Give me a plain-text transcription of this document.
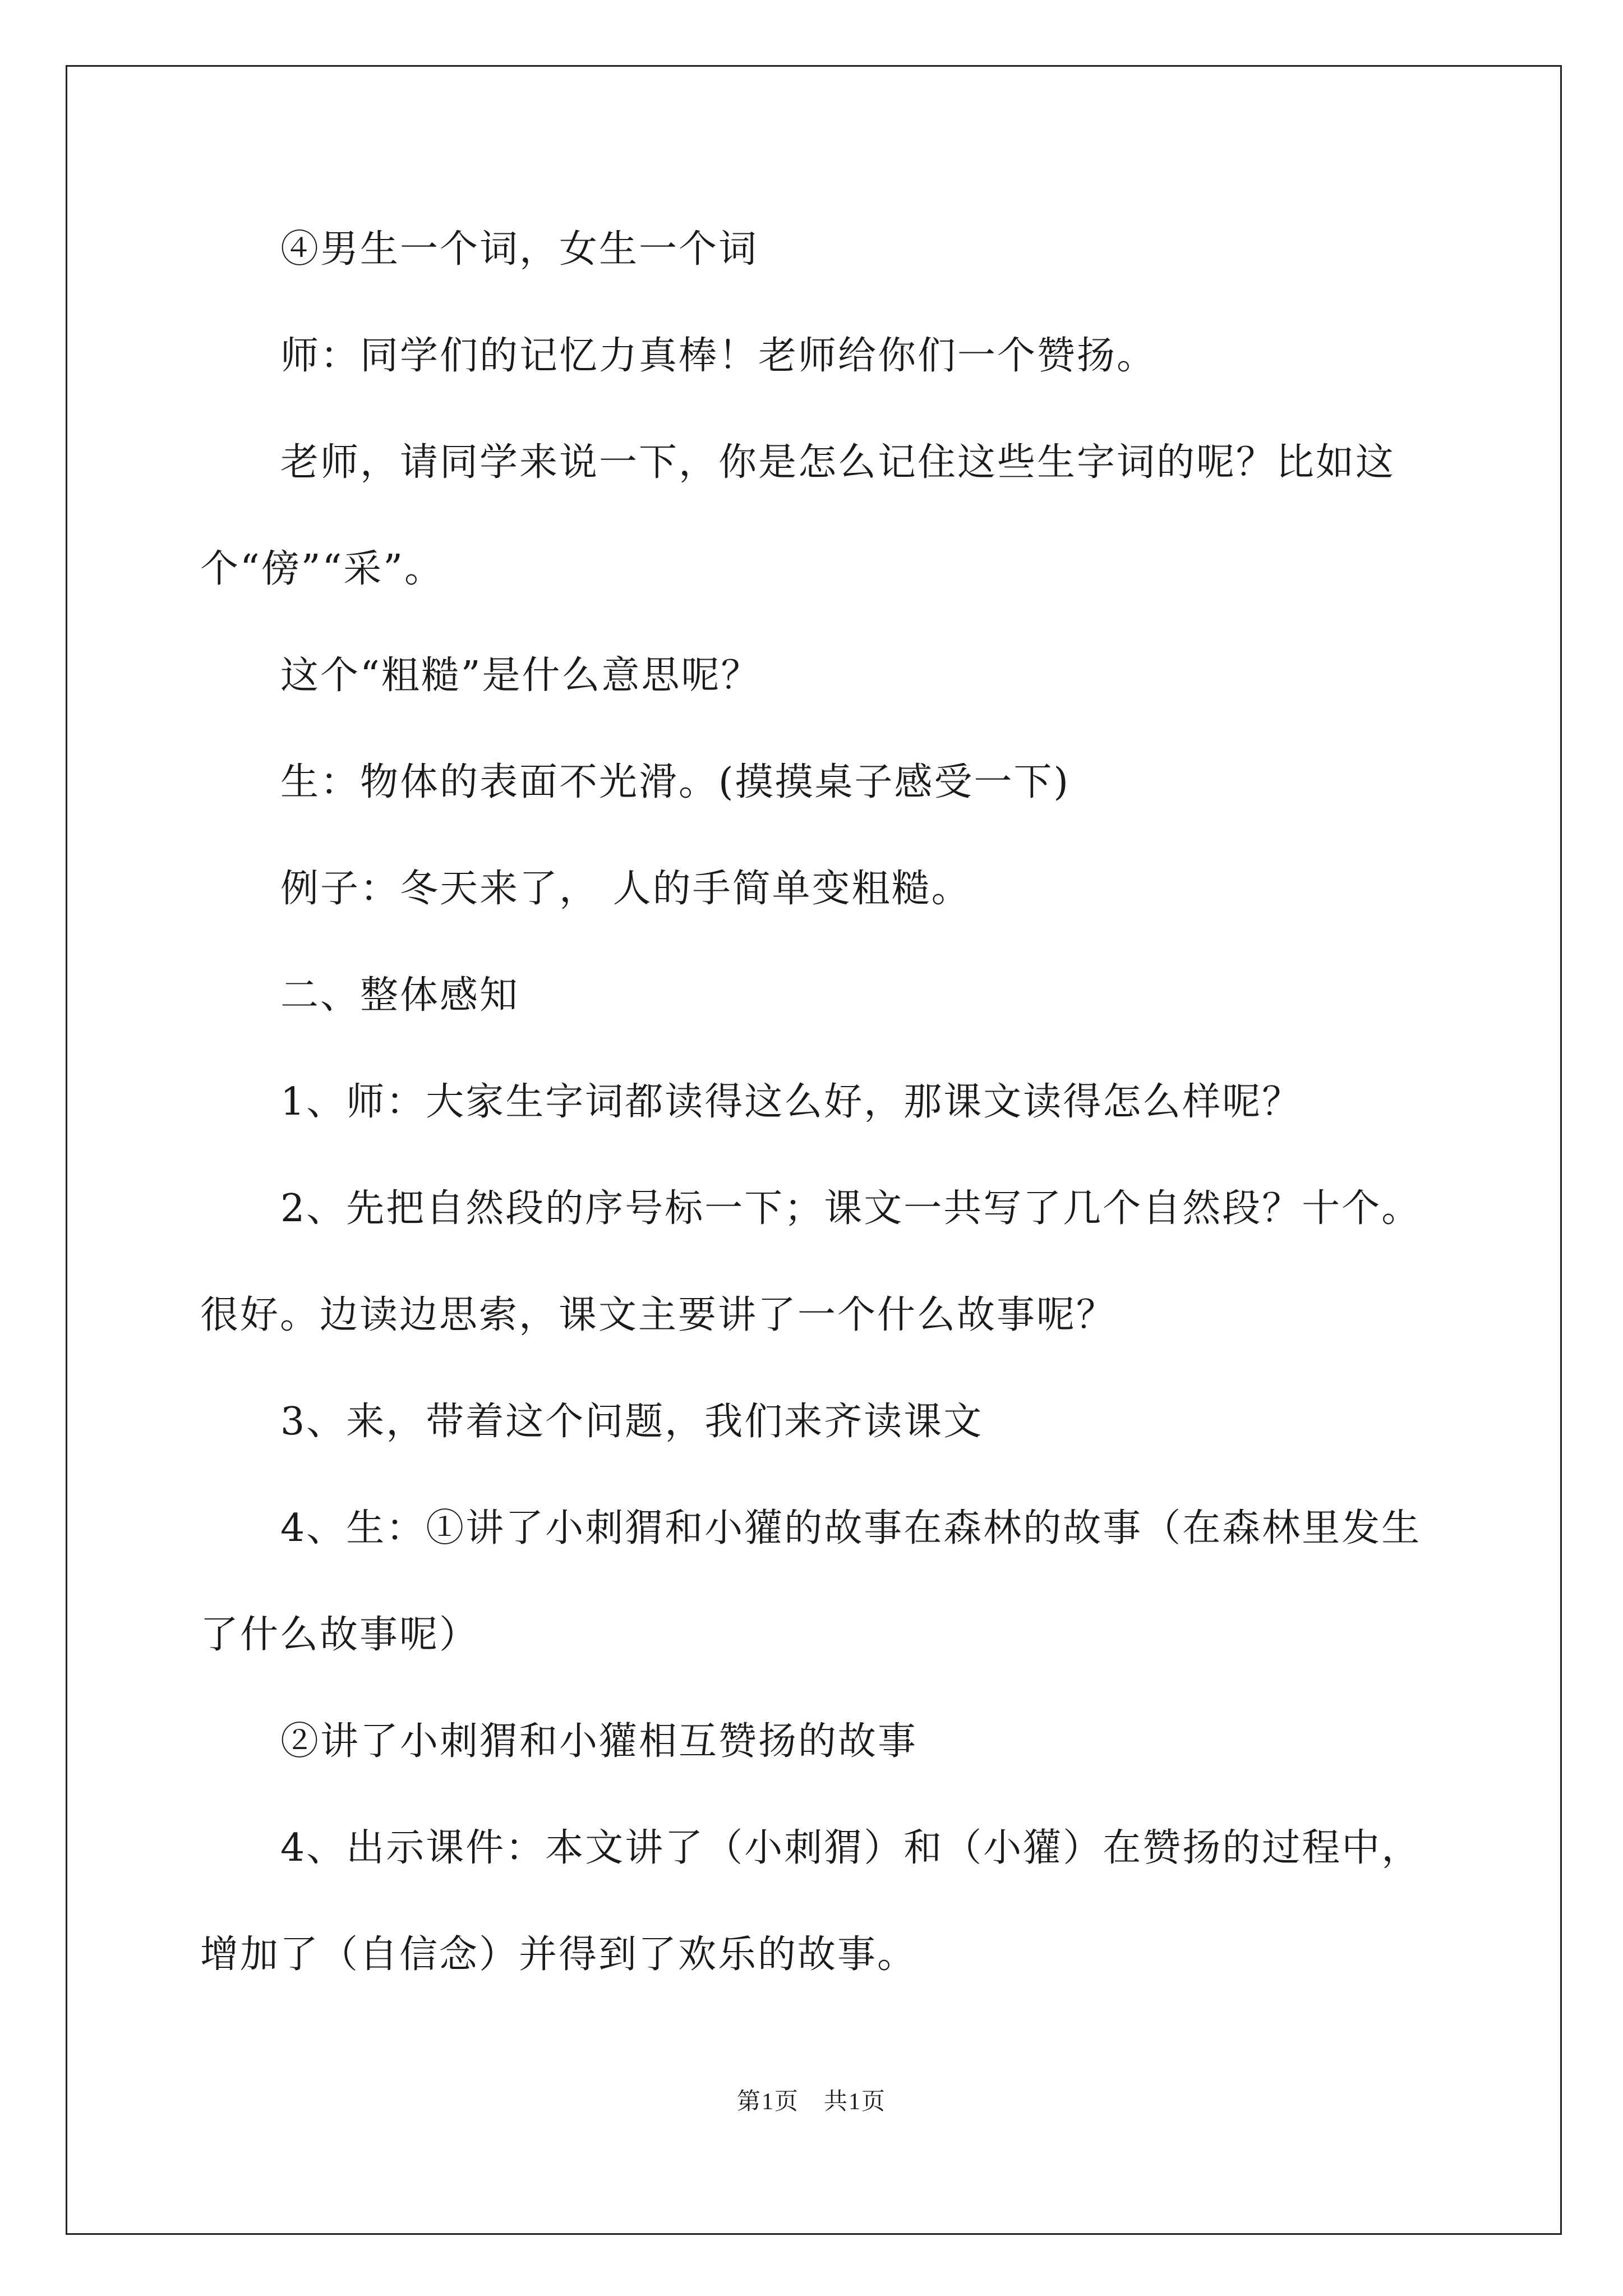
④男生一个词，女生一个词
师：同学们的记忆力真棒！老师给你们一个赞扬。
老师，请同学来说一下，你是怎么记住这些生字词的呢？比如这
个“傍”“采”。
这个“粗糙”是什么意思呢？
生：物体的表面不光滑。(摸摸桌子感受一下)
例子：冬天来了， 人的手简单变粗糙。
二、整体感知
1、师：大家生字词都读得这么好，那课文读得怎么样呢？
2、先把自然段的序号标一下；课文一共写了几个自然段？十个。
很好。边读边思索，课文主要讲了一个什么故事呢？
3、来，带着这个问题，我们来齐读课文
4、生：①讲了小刺猬和小獾的故事在森林的故事（在森林里发生
了什么故事呢）
②讲了小刺猬和小獾相互赞扬的故事
4、出示课件：本文讲了（小刺猬）和（小獾）在赞扬的过程中，
增加了（自信念）并得到了欢乐的故事。
第1页　共1页
